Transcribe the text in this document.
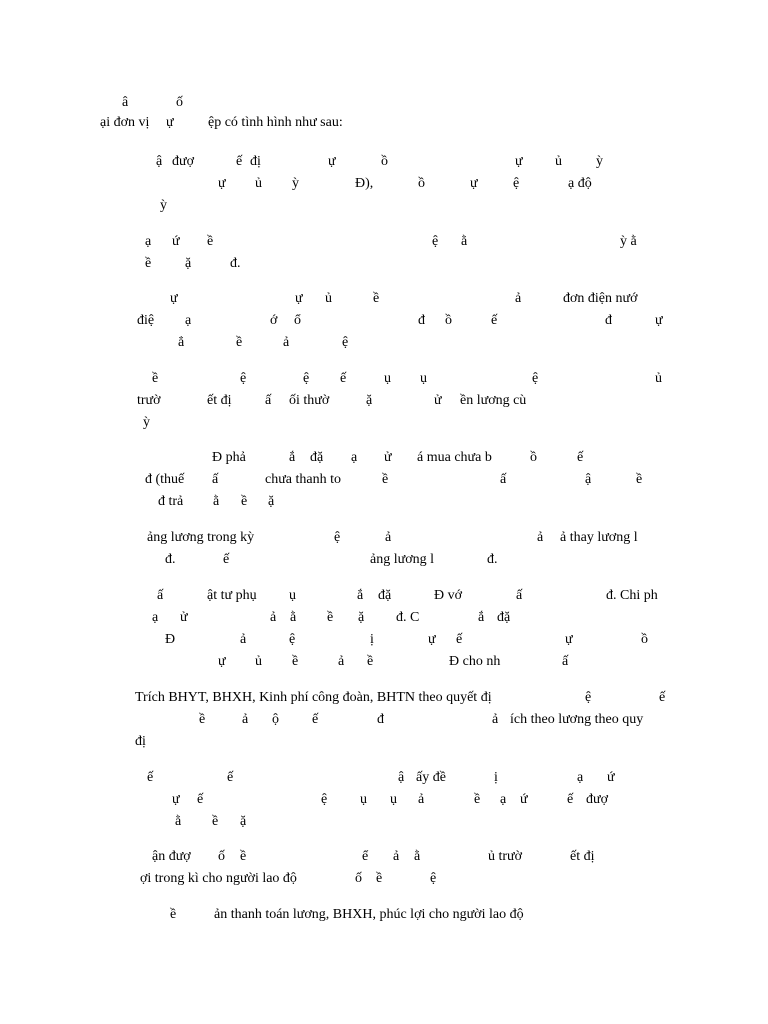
â	ố
ại đơn vị ự ệp có tình hình như sau:
ậ đượ	ế đị	ự	ồ	ự ủ ỳ
ự ủ ỳ	Đ),	ồ	ự	ệ	ạ độ
ỳ
ạ ứ ề	ệ ằ	ỳ ằ
ề ặ	đ.
ự	ự ủ	ề	ả	đơn điện nướ
điệ ạ	ớ ổ	đ ồ	ế	đ	ự
ẳ	ề	ả	ệ
ề	ệ	ệ ế	ụ ụ	ệ	ủ
trườ	ết đị ấ ối thườ	ặ	ử ền lương cù
ỳ
Đ phả	ắ đặ ạ ử á mua chưa b	ồ	ế
đ (thuế ấ	chưa thanh to	ề	ấ	ậ	ề
đ trả ằ ề ặ
ảng lương trong kỳ	ệ	ả	ả ả thay lương l
đ.	ế	ảng lương l	đ.
ấ	ật tư phụ ụ	ắ đặ	Đ vớ	ấ	đ. Chi ph
ạ ử	ả ằ ề ặ đ. C	ắ đặ
Đ	ả	ệ	ị	ự ế	ự	ồ
ự ủ ề	ả ề	Đ cho nh	ấ
Trích BHYT, BHXH, Kinh phí công đoàn, BHTN theo quyết đị	ệ	ế
ề	ả ộ ế	đ	ả ích theo lương theo quy
đị
ế	ế	ậ ấy đề	ị	ạ ứ
ự ế	ệ ụ ụ ả	ề ạ ứ	ế đượ
ằ ề ặ
ận đượ ố ề	ể ả ằ	ủ trườ	ết đị
ợi trong kì cho người lao độ	ố ề	ệ
ề	ản thanh toán lương, BHXH, phúc lợi cho người lao độ
